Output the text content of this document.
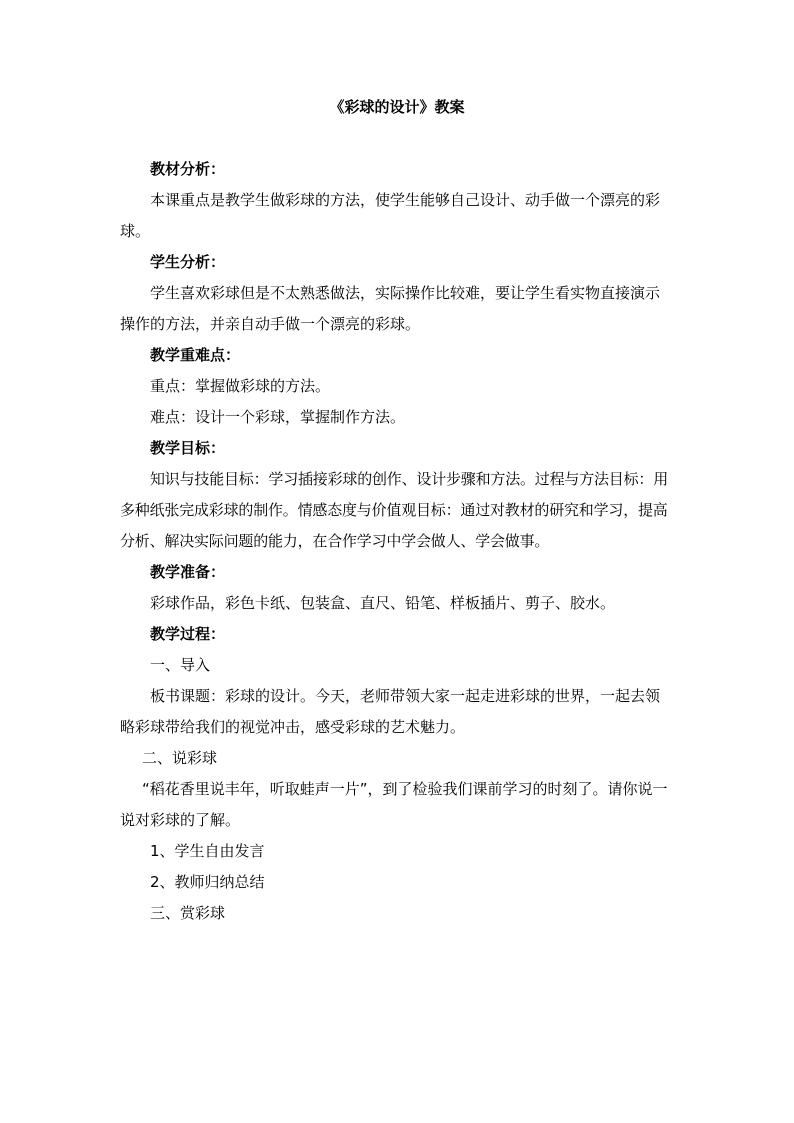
《彩球的设计》教案

教材分析：

本课重点是教学生做彩球的方法，使学生能够自己设计、动手做一个漂亮的彩球。

学生分析：

学生喜欢彩球但是不太熟悉做法，实际操作比较难，要让学生看实物直接演示操作的方法，并亲自动手做一个漂亮的彩球。

教学重难点：

重点：掌握做彩球的方法。

难点：设计一个彩球，掌握制作方法。

教学目标：

知识与技能目标：学习插接彩球的创作、设计步骤和方法。过程与方法目标：用多种纸张完成彩球的制作。情感态度与价值观目标：通过对教材的研究和学习，提高分析、解决实际问题的能力，在合作学习中学会做人、学会做事。

教学准备：

彩球作品，彩色卡纸、包装盒、直尺、铅笔、样板插片、剪子、胶水。

教学过程：

一、导入

板书课题：彩球的设计。今天，老师带领大家一起走进彩球的世界，一起去领略彩球带给我们的视觉冲击，感受彩球的艺术魅力。

二、说彩球

“稻花香里说丰年，听取蛙声一片”，到了检验我们课前学习的时刻了。请你说一说对彩球的了解。

1、学生自由发言

2、教师归纳总结

三、赏彩球
